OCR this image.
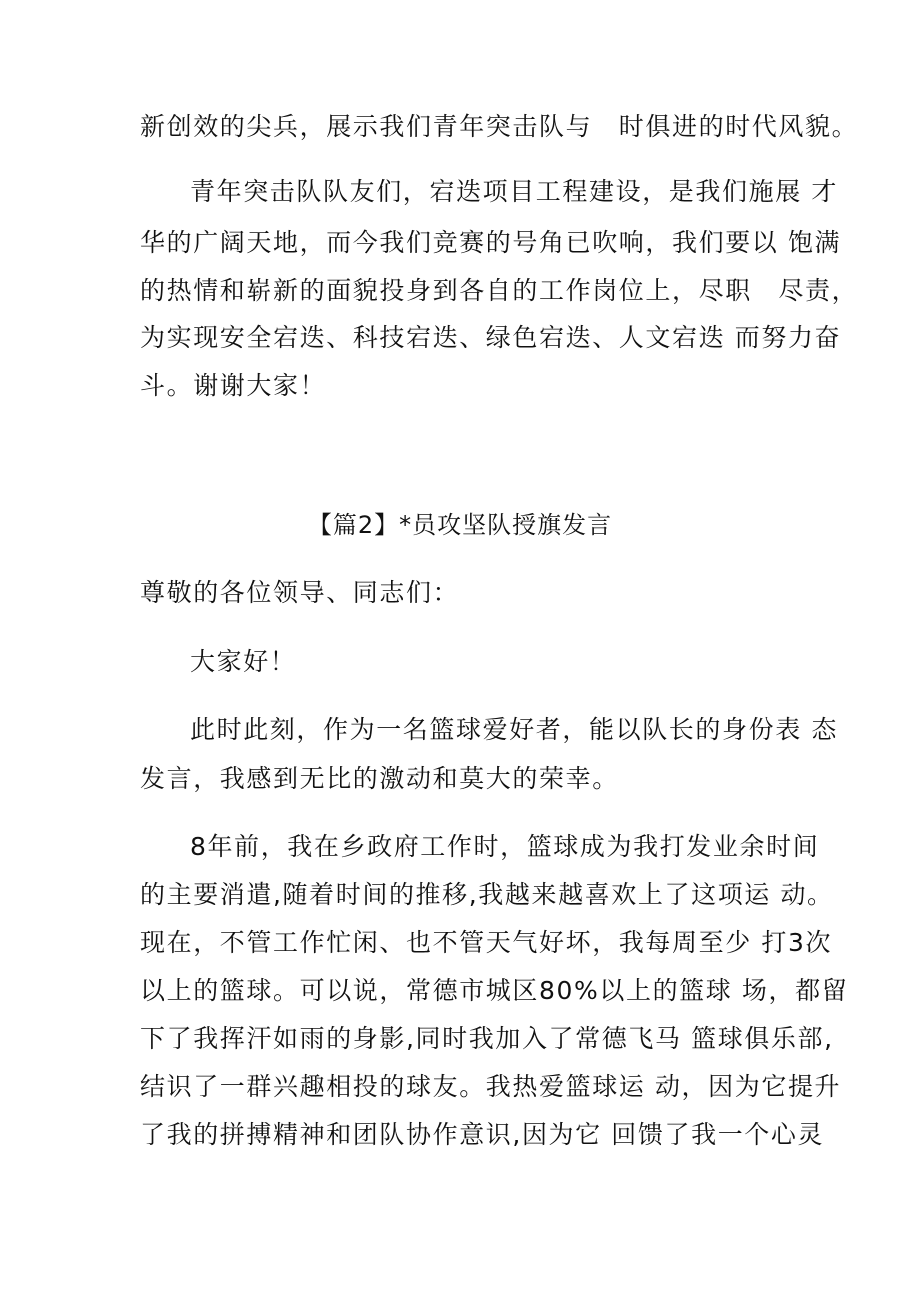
新创效的尖兵，展示我们青年突击队与　时俱进的时代风貌。
青年突击队队友们，宕迭项目工程建设，是我们施展 才
华的广阔天地，而今我们竞赛的号角已吹响，我们要以 饱满
的热情和崭新的面貌投身到各自的工作岗位上，尽职　尽责，
为实现安全宕迭、科技宕迭、绿色宕迭、人文宕迭 而努力奋
斗。谢谢大家！
【篇2】*员攻坚队授旗发言
尊敬的各位领导、同志们：
大家好！
此时此刻，作为一名篮球爱好者，能以队长的身份表 态
发言，我感到无比的激动和莫大的荣幸。
8年前，我在乡政府工作时，篮球成为我打发业余时间
的主要消遣,随着时间的推移,我越来越喜欢上了这项运 动。
现在，不管工作忙闲、也不管天气好坏，我每周至少 打3次
以上的篮球。可以说，常德市城区80%以上的篮球 场，都留
下了我挥汗如雨的身影,同时我加入了常德飞马 篮球俱乐部,
结识了一群兴趣相投的球友。我热爱篮球运 动，因为它提升
了我的拼搏精神和团队协作意识,因为它 回馈了我一个心灵
